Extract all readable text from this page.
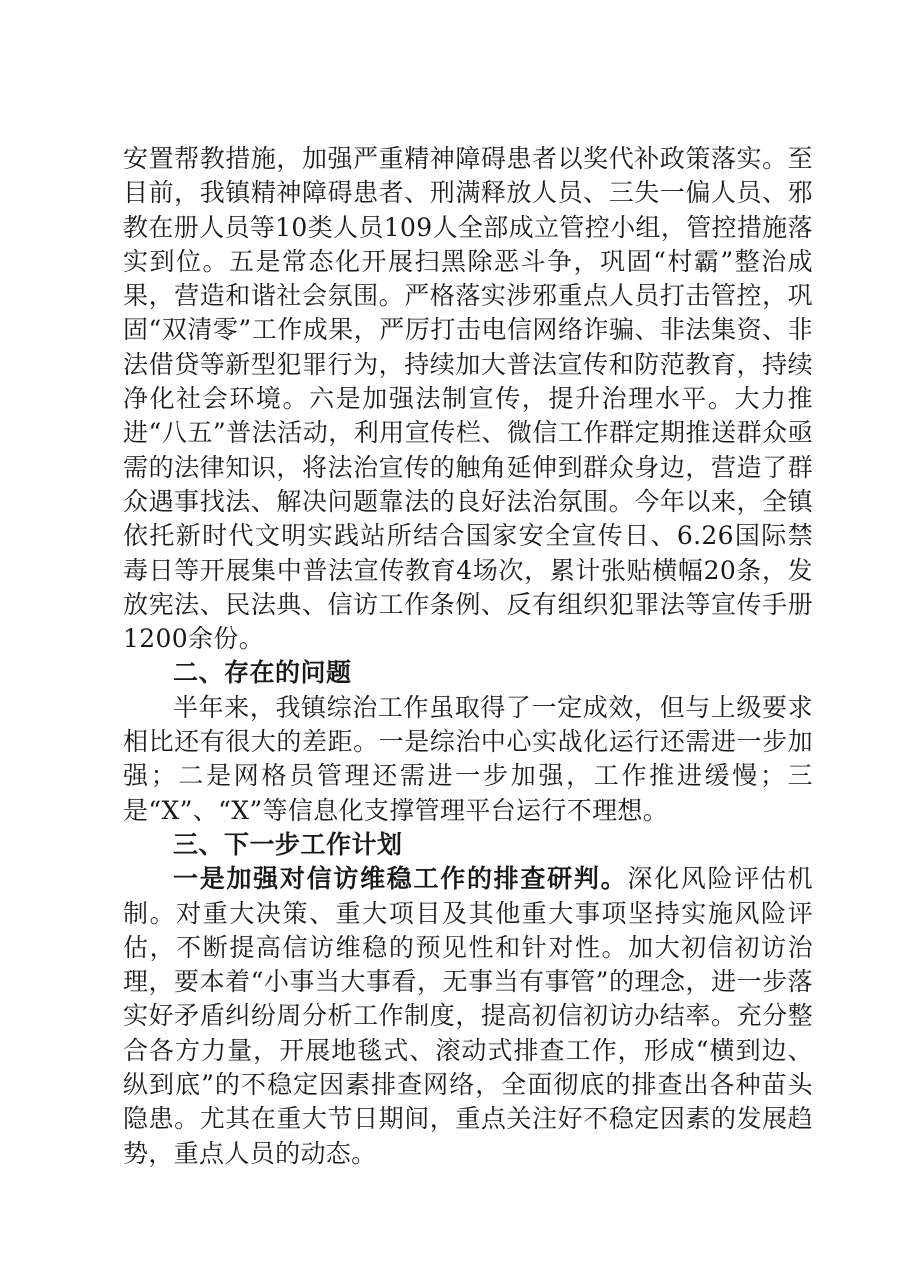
安置帮教措施，加强严重精神障碍患者以奖代补政策落实。至目前，我镇精神障碍患者、刑满释放人员、三失一偏人员、邪教在册人员等10类人员109人全部成立管控小组，管控措施落实到位。五是常态化开展扫黑除恶斗争，巩固“村霸”整治成果，营造和谐社会氛围。严格落实涉邪重点人员打击管控，巩固“双清零”工作成果，严厉打击电信网络诈骗、非法集资、非法借贷等新型犯罪行为，持续加大普法宣传和防范教育，持续净化社会环境。六是加强法制宣传，提升治理水平。大力推进“八五”普法活动，利用宣传栏、微信工作群定期推送群众亟需的法律知识，将法治宣传的触角延伸到群众身边，营造了群众遇事找法、解决问题靠法的良好法治氛围。今年以来，全镇依托新时代文明实践站所结合国家安全宣传日、6.26国际禁毒日等开展集中普法宣传教育4场次，累计张贴横幅20条，发放宪法、民法典、信访工作条例、反有组织犯罪法等宣传手册1200余份。

二、存在的问题

半年来，我镇综治工作虽取得了一定成效，但与上级要求相比还有很大的差距。一是综治中心实战化运行还需进一步加强；二是网格员管理还需进一步加强，工作推进缓慢；三是“X”、“X”等信息化支撑管理平台运行不理想。

三、下一步工作计划

一是加强对信访维稳工作的排查研判。深化风险评估机制。对重大决策、重大项目及其他重大事项坚持实施风险评估，不断提高信访维稳的预见性和针对性。加大初信初访治理，要本着“小事当大事看，无事当有事管”的理念，进一步落实好矛盾纠纷周分析工作制度，提高初信初访办结率。充分整合各方力量，开展地毯式、滚动式排查工作，形成“横到边、纵到底”的不稳定因素排查网络，全面彻底的排查出各种苗头隐患。尤其在重大节日期间，重点关注好不稳定因素的发展趋势，重点人员的动态。
